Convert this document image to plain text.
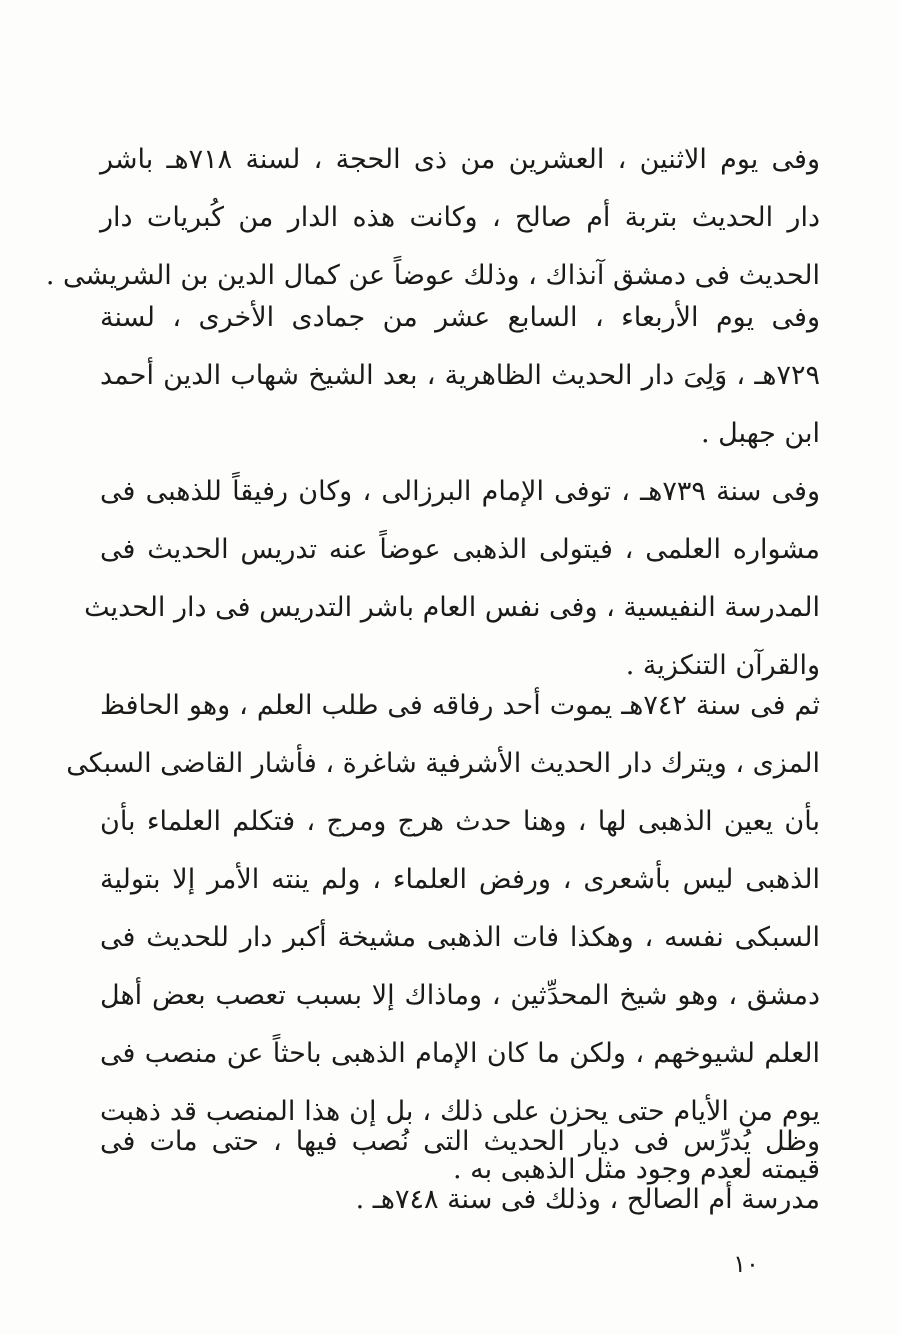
وفى يوم الاثنين ، العشرين من ذى الحجة ، لسنة ٧١٨هـ باشر
دار الحديث بتربة أم صالح ، وكانت هذه الدار من كُبريات دار
الحديث فى دمشق آنذاك ، وذلك عوضاً عن كمال الدين بن الشريشى .
وفى يوم الأربعاء ، السابع عشر من جمادى الأخرى ، لسنة
٧٢٩هـ ، وَلِىَ دار الحديث الظاهرية ، بعد الشيخ شهاب الدين أحمد
ابن جهبل .
وفى سنة ٧٣٩هـ ، توفى الإمام البرزالى ، وكان رفيقاً للذهبى فى
مشواره العلمى ، فيتولى الذهبى عوضاً عنه تدريس الحديث فى
المدرسة النفيسية ، وفى نفس العام باشر التدريس فى دار الحديث
والقرآن التنكزية .
ثم فى سنة ٧٤٢هـ يموت أحد رفاقه فى طلب العلم ، وهو الحافظ
المزى ، ويترك دار الحديث الأشرفية شاغرة ، فأشار القاضى السبكى
بأن يعين الذهبى لها ، وهنا حدث هرج ومرج ، فتكلم العلماء بأن
الذهبى ليس بأشعرى ، ورفض العلماء ، ولم ينته الأمر إلا بتولية
السبكى نفسه ، وهكذا فات الذهبى مشيخة أكبر دار للحديث فى
دمشق ، وهو شيخ المحدِّثين ، وماذاك إلا بسبب تعصب بعض أهل
العلم لشيوخهم ، ولكن ما كان الإمام الذهبى باحثاً عن منصب فى
يوم من الأيام حتى يحزن على ذلك ، بل إن هذا المنصب قد ذهبت
قيمته لعدم وجود مثل الذهبى به .
وظل يُدرِّس فى ديار الحديث التى نُصب فيها ، حتى مات فى
مدرسة أم الصالح ، وذلك فى سنة ٧٤٨هـ .
١٠
